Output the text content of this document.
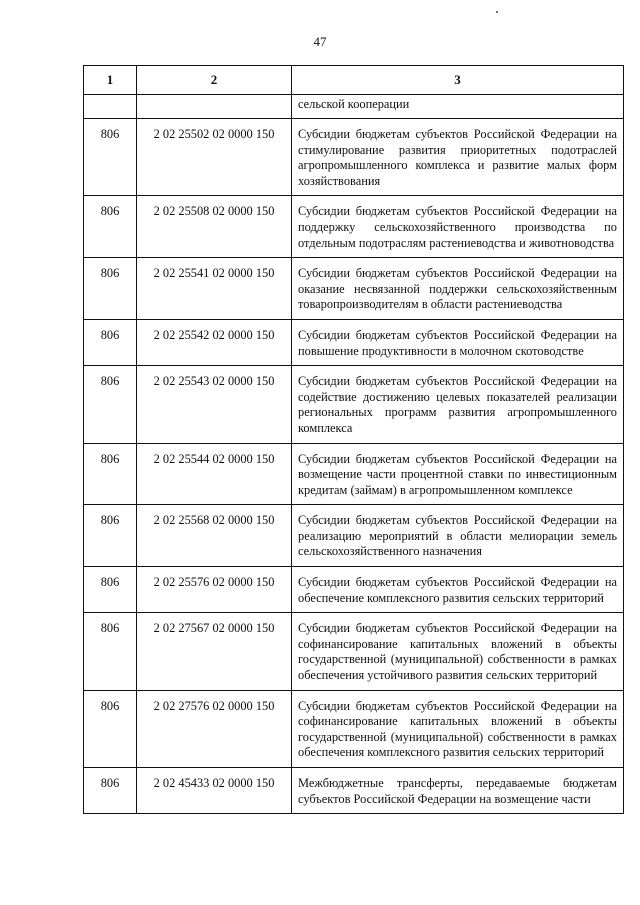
47
1	2	3
		сельской кооперации
806	2 02 25502 02 0000 150	Субсидии бюджетам субъектов Российской Федерации на стимулирование развития приоритетных подотраслей агропромышленного комплекса и развитие малых форм хозяйствования
806	2 02 25508 02 0000 150	Субсидии бюджетам субъектов Российской Федерации на поддержку сельскохозяйственного производства по отдельным подотраслям растениеводства и животноводства
806	2 02 25541 02 0000 150	Субсидии бюджетам субъектов Российской Федерации на оказание несвязанной поддержки сельскохозяйственным товаропроизводителям в области растениеводства
806	2 02 25542 02 0000 150	Субсидии бюджетам субъектов Российской Федерации на повышение продуктивности в молочном скотоводстве
806	2 02 25543 02 0000 150	Субсидии бюджетам субъектов Российской Федерации на содействие достижению целевых показателей реализации региональных программ развития агропромышленного комплекса
806	2 02 25544 02 0000 150	Субсидии бюджетам субъектов Российской Федерации на возмещение части процентной ставки по инвестиционным кредитам (займам) в агропромышленном комплексе
806	2 02 25568 02 0000 150	Субсидии бюджетам субъектов Российской Федерации на реализацию мероприятий в области мелиорации земель сельскохозяйственного назначения
806	2 02 25576 02 0000 150	Субсидии бюджетам субъектов Российской Федерации на обеспечение комплексного развития сельских территорий
806	2 02 27567 02 0000 150	Субсидии бюджетам субъектов Российской Федерации на софинансирование капитальных вложений в объекты государственной (муниципальной) собственности в рамках обеспечения устойчивого развития сельских территорий
806	2 02 27576 02 0000 150	Субсидии бюджетам субъектов Российской Федерации на софинансирование капитальных вложений в объекты государственной (муниципальной) собственности в рамках обеспечения комплексного развития сельских территорий
806	2 02 45433 02 0000 150	Межбюджетные трансферты, передаваемые бюджетам субъектов Российской Федерации на возмещение части
